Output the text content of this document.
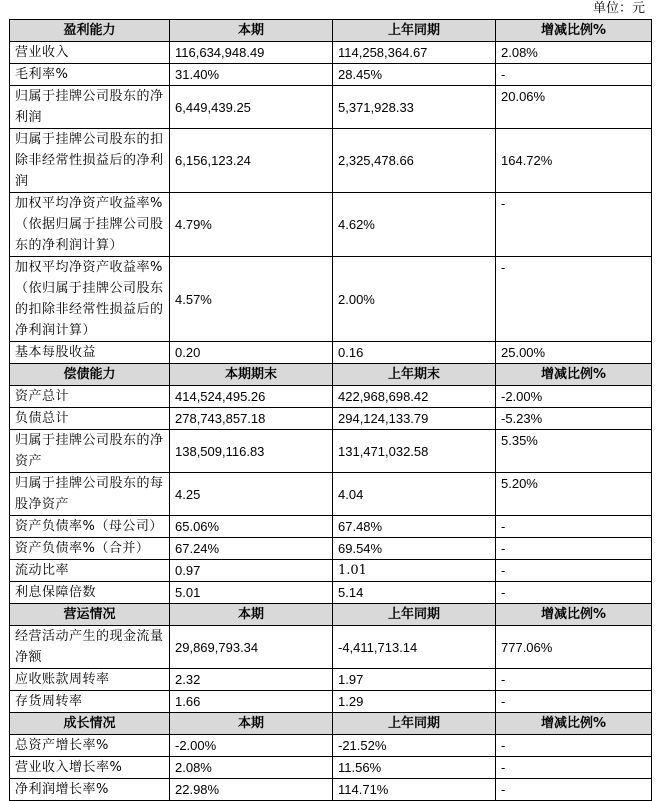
单位：元
盈利能力	本期	上年同期	增减比例%
营业收入	116,634,948.49	114,258,364.67	2.08%
毛利率%	31.40%	28.45%	-
归属于挂牌公司股东的净利润	6,449,439.25	5,371,928.33	20.06%
归属于挂牌公司股东的扣除非经常性损益后的净利润	6,156,123.24	2,325,478.66	164.72%
加权平均净资产收益率%（依据归属于挂牌公司股东的净利润计算）	4.79%	4.62%	-
加权平均净资产收益率%（依归属于挂牌公司股东的扣除非经常性损益后的净利润计算）	4.57%	2.00%	-
基本每股收益	0.20	0.16	25.00%
偿债能力	本期期末	上年期末	增减比例%
资产总计	414,524,495.26	422,968,698.42	-2.00%
负债总计	278,743,857.18	294,124,133.79	-5.23%
归属于挂牌公司股东的净资产	138,509,116.83	131,471,032.58	5.35%
归属于挂牌公司股东的每股净资产	4.25	4.04	5.20%
资产负债率%（母公司）	65.06%	67.48%	-
资产负债率%（合并）	67.24%	69.54%	-
流动比率	0.97	1.01	-
利息保障倍数	5.01	5.14	-
营运情况	本期	上年同期	增减比例%
经营活动产生的现金流量净额	29,869,793.34	-4,411,713.14	777.06%
应收账款周转率	2.32	1.97	-
存货周转率	1.66	1.29	-
成长情况	本期	上年同期	增减比例%
总资产增长率%	-2.00%	-21.52%	-
营业收入增长率%	2.08%	11.56%	-
净利润增长率%	22.98%	114.71%	-
